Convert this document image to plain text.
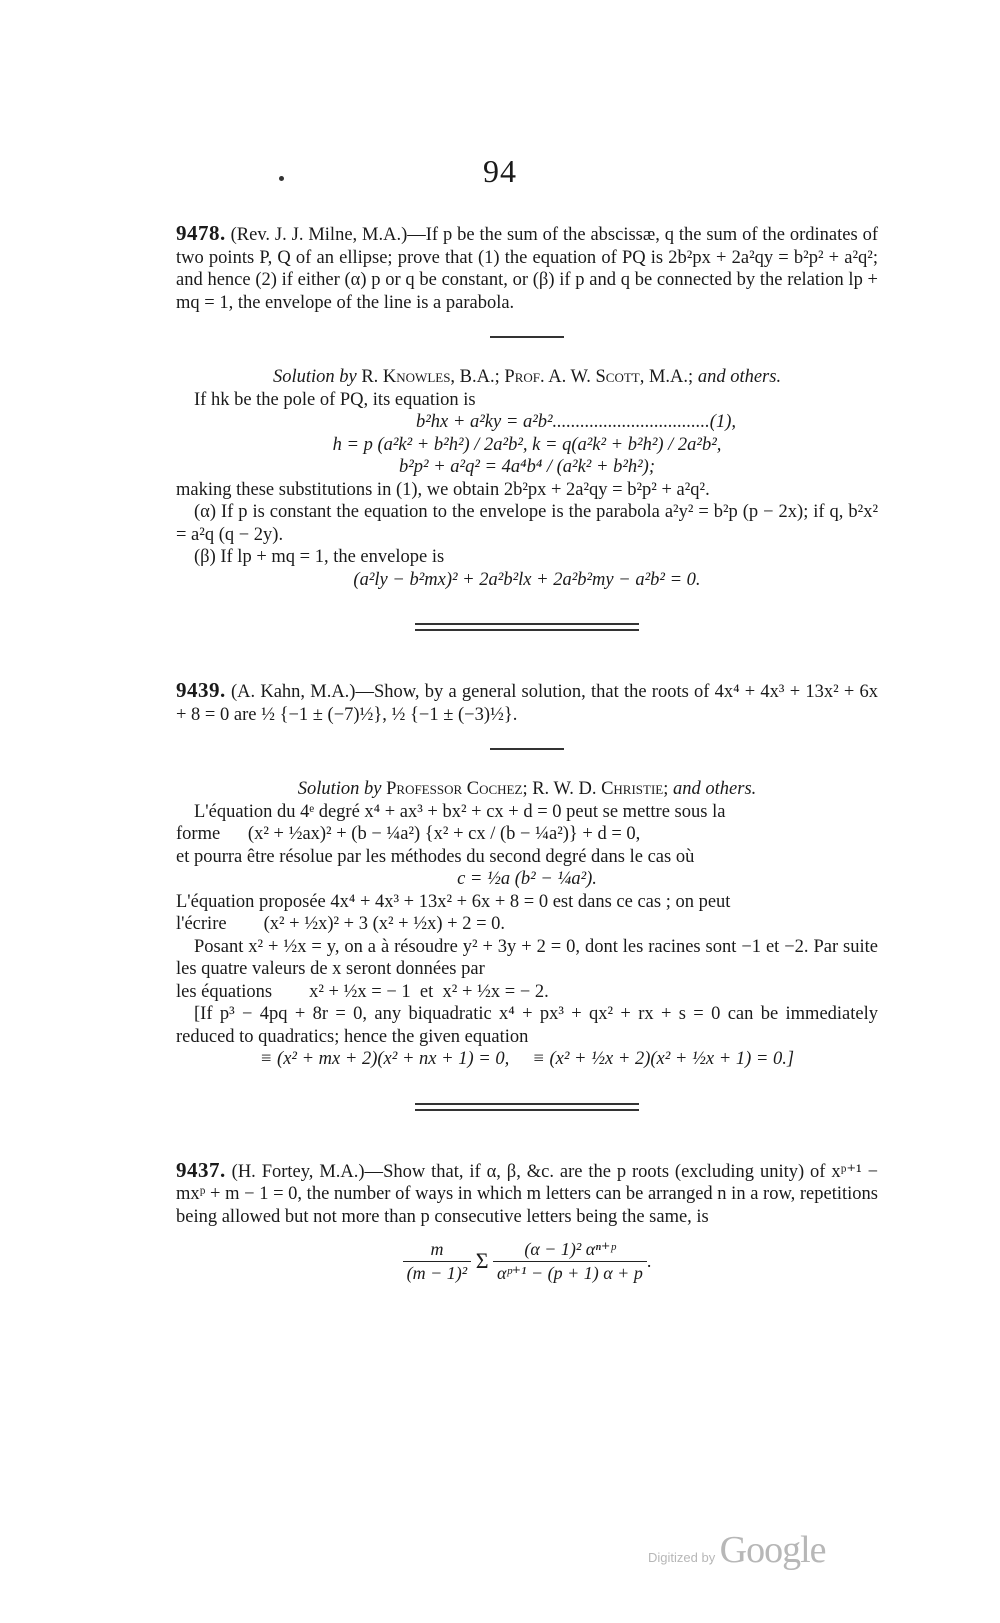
94

9478. (Rev. J. J. Milne, M.A.)—If p be the sum of the abscissæ, q the sum of the ordinates of two points P, Q of an ellipse; prove that (1) the equation of PQ is 2b²px + 2a²qy = b²p² + a²q²; and hence (2) if either (α) p or q be constant, or (β) if p and q be connected by the relation lp + mq = 1, the envelope of the line is a parabola.

Solution by R. Knowles, B.A.; Prof. A. W. Scott, M.A.; and others.

If hk be the pole of PQ, its equation is

b²hx + a²ky = a²b²..................................(1),

h = p (a²k² + b²h²) / 2a²b², k = q(a²k² + b²h²) / 2a²b²,

b²p² + a²q² = 4a⁴b⁴ / (a²k² + b²h²);

making these substitutions in (1), we obtain 2b²px + 2a²qy = b²p² + a²q².

(α) If p is constant the equation to the envelope is the parabola a²y² = b²p (p − 2x); if q, b²x² = a²q (q − 2y).

(β) If lp + mq = 1, the envelope is

(a²ly − b²mx)² + 2a²b²lx + 2a²b²my − a²b² = 0.

9439. (A. Kahn, M.A.)—Show, by a general solution, that the roots of 4x⁴ + 4x³ + 13x² + 6x + 8 = 0 are ½ {−1 ± (−7)½}, ½ {−1 ± (−3)½}.

Solution by Professor Cochez; R. W. D. Christie; and others.

L'équation du 4ᵉ degré x⁴ + ax³ + bx² + cx + d = 0 peut se mettre sous la

forme      (x² + ½ax)² + (b − ¼a²) {x² + cx / (b − ¼a²)} + d = 0,

et pourra être résolue par les méthodes du second degré dans le cas où

c = ½a (b² − ¼a²).

L'équation proposée 4x⁴ + 4x³ + 13x² + 6x + 8 = 0 est dans ce cas ; on peut

l'écrire        (x² + ½x)² + 3 (x² + ½x) + 2 = 0.

Posant x² + ½x = y, on a à résoudre y² + 3y + 2 = 0, dont les racines sont −1 et −2. Par suite les quatre valeurs de x seront données par

les équations        x² + ½x = − 1  et  x² + ½x = − 2.

[If p³ − 4pq + 8r = 0, any biquadratic x⁴ + px³ + qx² + rx + s = 0 can be immediately reduced to quadratics; hence the given equation

≡ (x² + mx + 2)(x² + nx + 1) = 0,     ≡ (x² + ½x + 2)(x² + ½x + 1) = 0.]

9437. (H. Fortey, M.A.)—Show that, if α, β, &c. are the p roots (excluding unity) of xᵖ⁺¹ − mxᵖ + m − 1 = 0, the number of ways in which m letters can be arranged n in a row, repetitions being allowed but not more than p consecutive letters being the same, is

$\frac{m}{\text{(m − 1)²}}$ Σ $\frac{\text{(α − 1)² αⁿ⁺ᵖ}}{\text{αᵖ⁺¹ − (p + 1) α + p}}$ .
Digitized by Google
